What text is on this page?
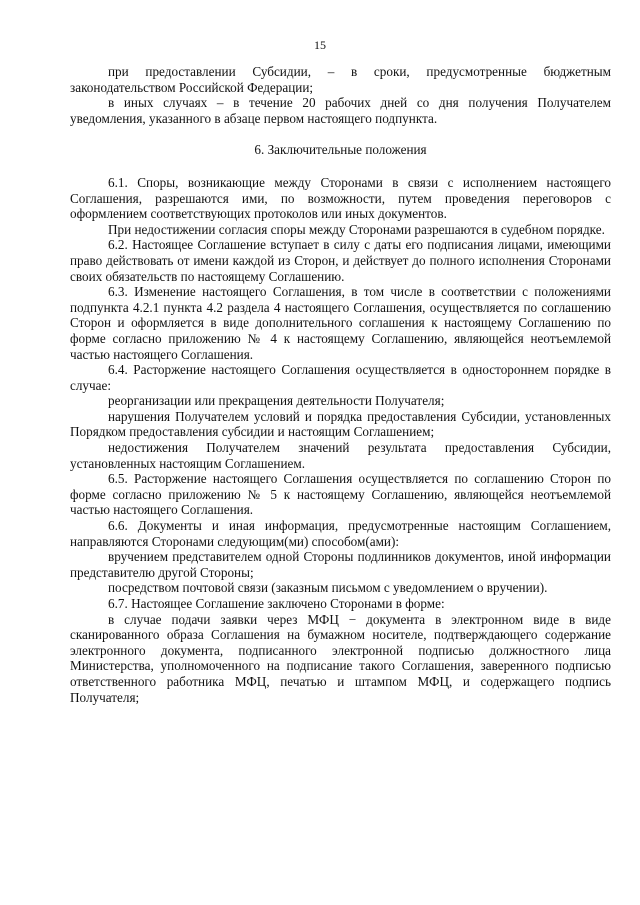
15

при предоставлении Субсидии, – в сроки, предусмотренные бюджетным законодательством Российской Федерации;

в иных случаях – в течение 20 рабочих дней со дня получения Получателем уведомления, указанного в абзаце первом настоящего подпункта.

6. Заключительные положения

6.1. Споры, возникающие между Сторонами в связи с исполнением настоящего Соглашения, разрешаются ими, по возможности, путем проведения переговоров с оформлением соответствующих протоколов или иных документов.

При недостижении согласия споры между Сторонами разрешаются в судебном порядке.

6.2. Настоящее Соглашение вступает в силу с даты его подписания лицами, имеющими право действовать от имени каждой из Сторон, и действует до полного исполнения Сторонами своих обязательств по настоящему Соглашению.

6.3. Изменение настоящего Соглашения, в том числе в соответствии с положениями подпункта 4.2.1 пункта 4.2 раздела 4 настоящего Соглашения, осуществляется по соглашению Сторон и оформляется в виде дополнительного соглашения к настоящему Соглашению по форме согласно приложению № 4 к настоящему Соглашению, являющейся неотъемлемой частью настоящего Соглашения.

6.4. Расторжение настоящего Соглашения осуществляется в одностороннем порядке в случае:

реорганизации или прекращения деятельности Получателя;

нарушения Получателем условий и порядка предоставления Субсидии, установленных Порядком предоставления субсидии и настоящим Соглашением;

недостижения Получателем значений результата предоставления Субсидии, установленных настоящим Соглашением.

6.5. Расторжение настоящего Соглашения осуществляется по соглашению Сторон по форме согласно приложению № 5 к настоящему Соглашению, являющейся неотъемлемой частью настоящего Соглашения.

6.6. Документы и иная информация, предусмотренные настоящим Соглашением, направляются Сторонами следующим(ми) способом(ами):

вручением представителем одной Стороны подлинников документов, иной информации представителю другой Стороны;

посредством почтовой связи (заказным письмом с уведомлением о вручении).

6.7. Настоящее Соглашение заключено Сторонами в форме:

в случае подачи заявки через МФЦ − документа в электронном виде в виде сканированного образа Соглашения на бумажном носителе, подтверждающего содержание электронного документа, подписанного электронной подписью должностного лица Министерства, уполномоченного на подписание такого Соглашения, заверенного подписью ответственного работника МФЦ, печатью и штампом МФЦ, и содержащего подпись Получателя;
